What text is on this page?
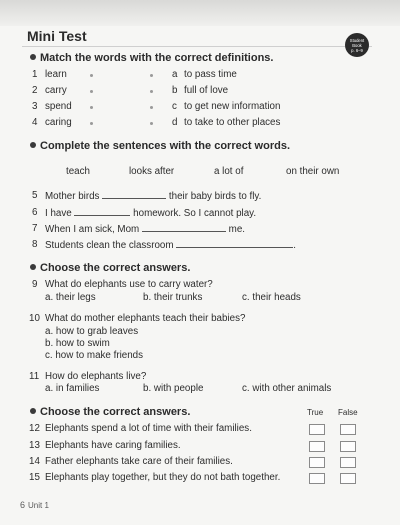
Mini Test	Student
Book
p. 6–9
Match the words with the correct definitions.
1 learn	a to pass time
2 carry	b full of love
3 spend	c to get new information
4 caring	d to take to other places
Complete the sentences with the correct words.
teach	looks after	a lot of	on their own
5 Mother birds	their baby birds to fly.
6 I have	homework. So I cannot play.
7 When I am sick, Mom	me.
8 Students clean the classroom	.
Choose the correct answers.
9 What do elephants use to carry water?
a. their legs	b. their trunks	c. their heads
10 What do mother elephants teach their babies?
a. how to grab leaves
b. how to swim
c. how to make friends
11 How do elephants live?
a. in families	b. with people	c. with other animals
Choose the correct answers.	True False
12 Elephants spend a lot of time with their families.
13 Elephants have caring families.
14 Father elephants take care of their families.
15 Elephants play together, but they do not bath together.
6 Unit 1
